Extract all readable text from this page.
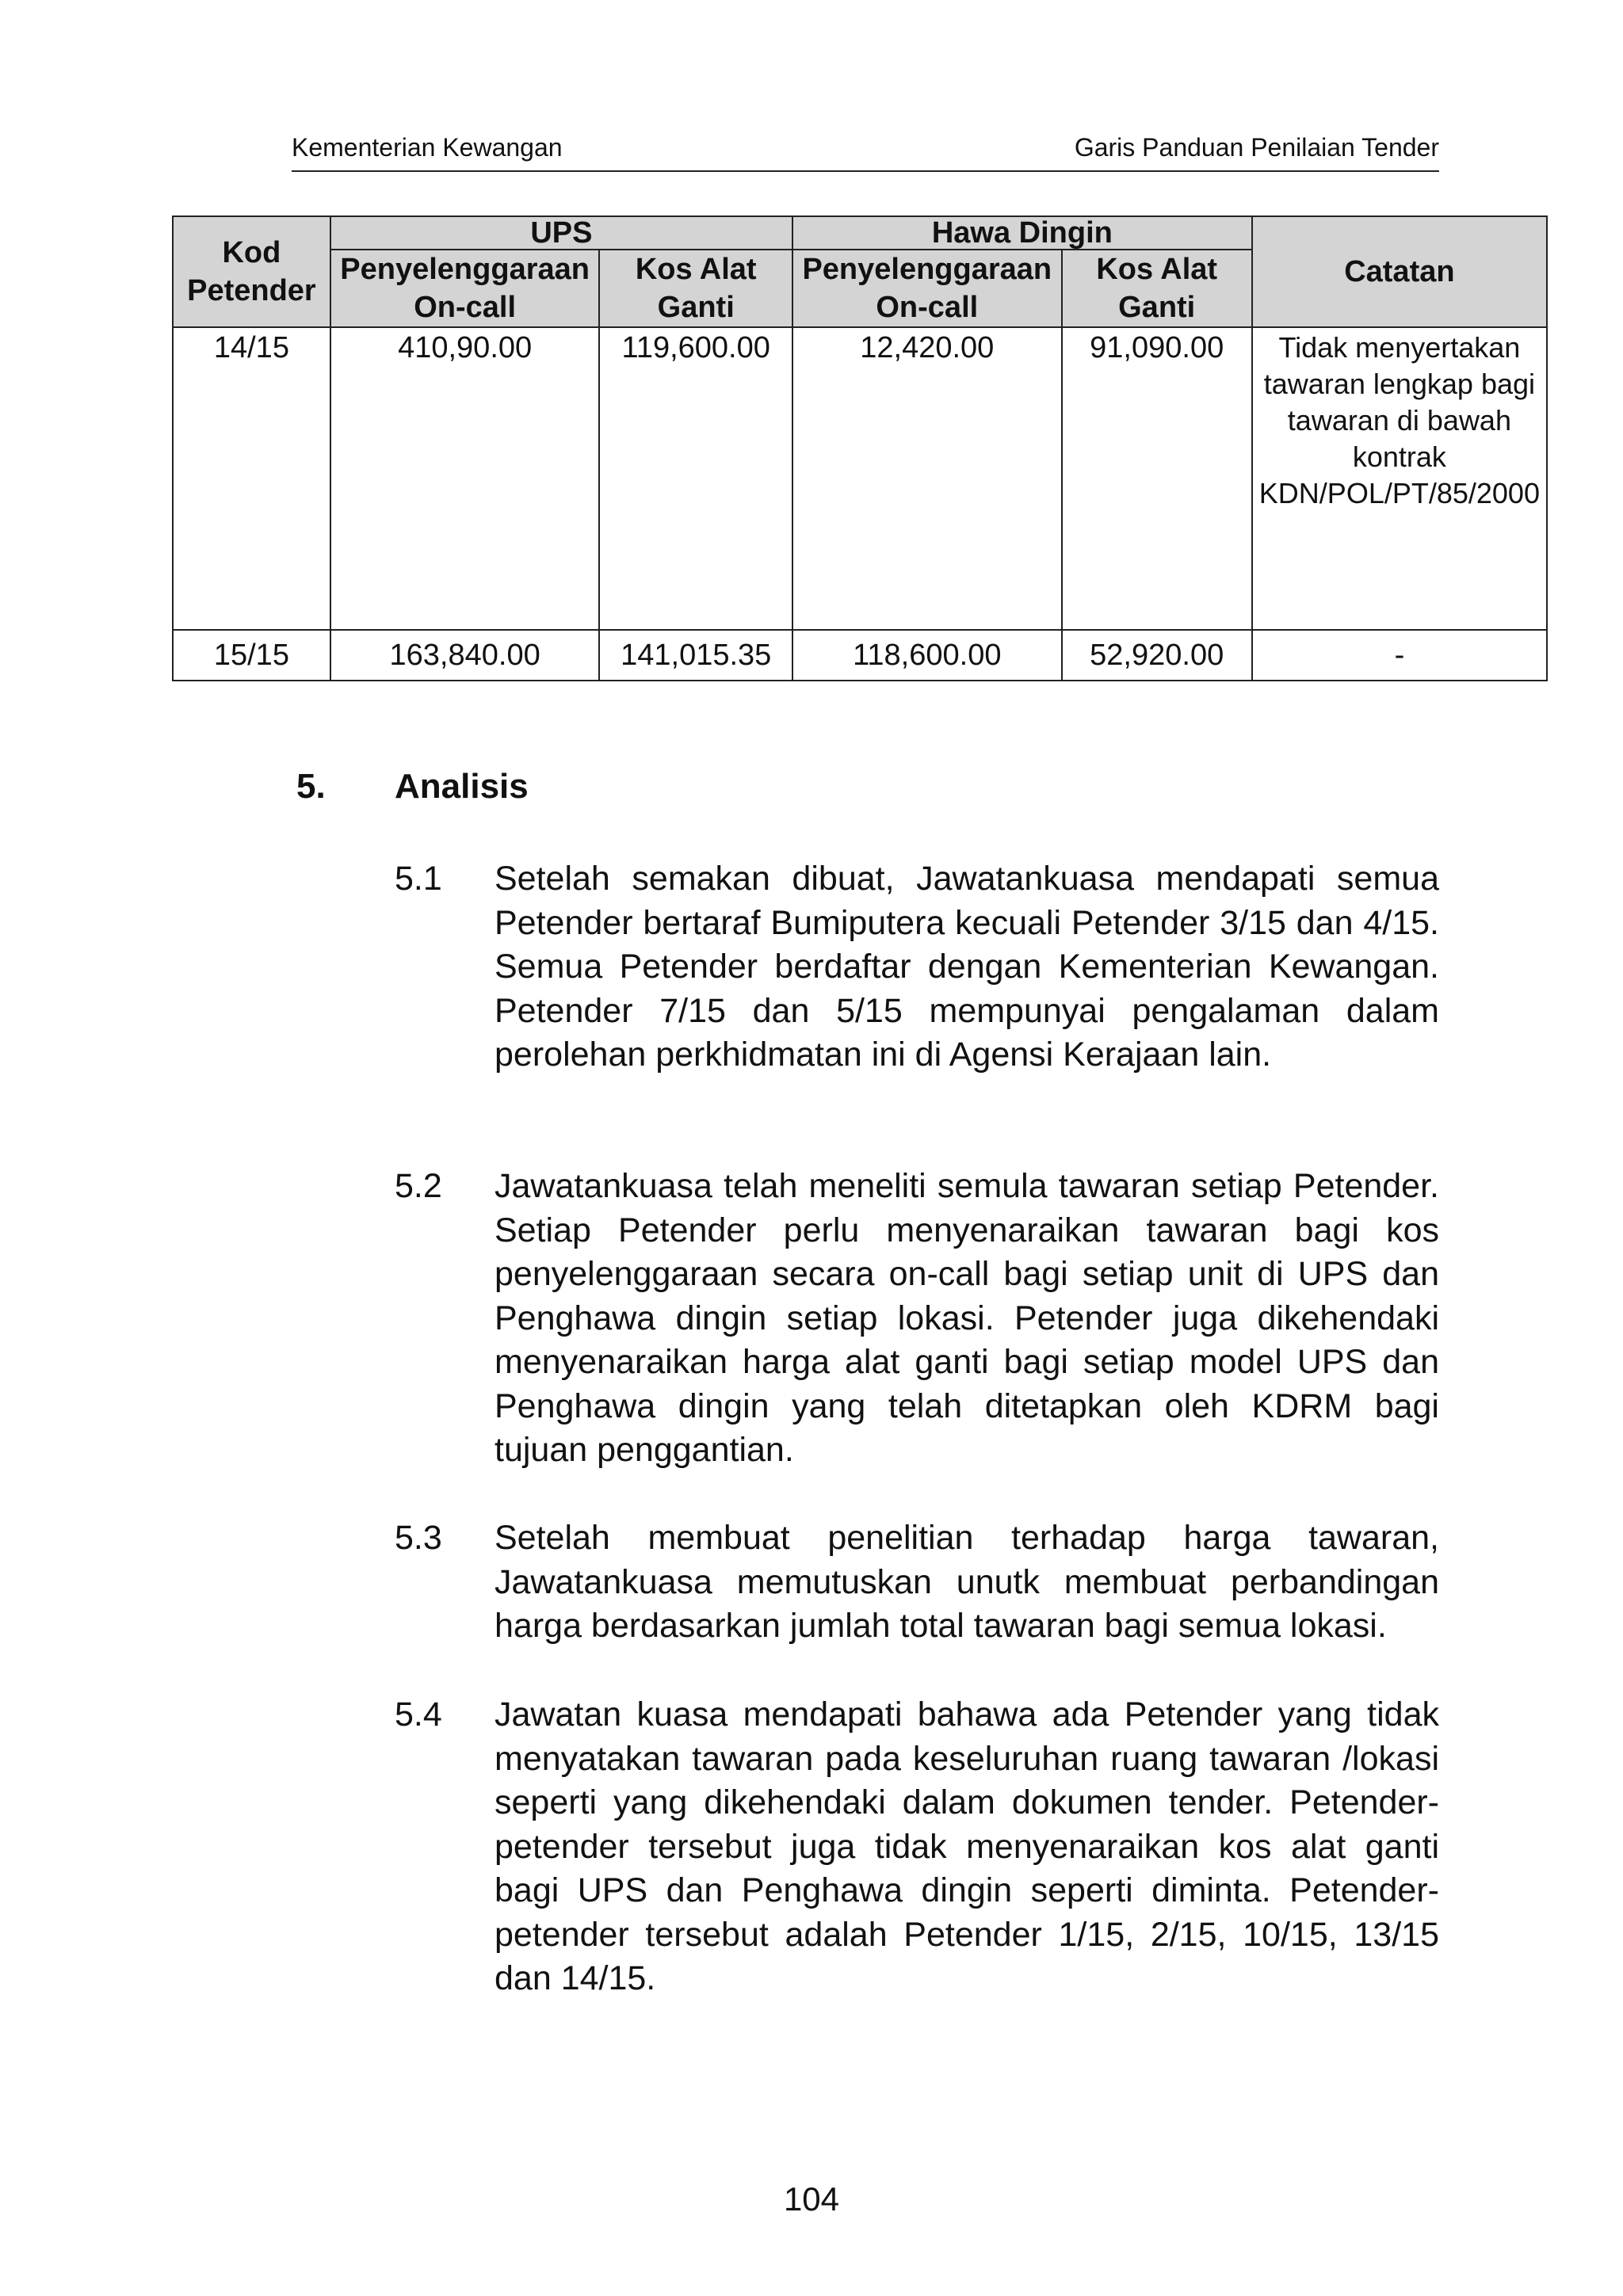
Kementerian Kewangan	Garis Panduan Penilaian Tender
Kod Petender	UPS		Hawa Dingin		Catatan
	Penyelenggaraan On-call	Kos Alat Ganti	Penyelenggaraan On-call	Kos Alat Ganti	
14/15	410,90.00	119,600.00	12,420.00	91,090.00	Tidak menyertakan tawaran lengkap bagi tawaran di bawah kontrak KDN/POL/PT/85/2000
15/15	163,840.00	141,015.35	118,600.00	52,920.00	-
5.	Analisis
5.1	Setelah semakan dibuat, Jawatankuasa mendapati semua Petender bertaraf Bumiputera kecuali Petender 3/15 dan 4/15. Semua Petender berdaftar dengan Kementerian Kewangan. Petender 7/15 dan 5/15 mempunyai pengalaman dalam perolehan perkhidmatan ini di Agensi Kerajaan lain.
5.2	Jawatankuasa telah meneliti semula tawaran setiap Petender. Setiap Petender perlu menyenaraikan tawaran bagi kos penyelenggaraan secara on-call bagi setiap unit di UPS dan Penghawa dingin setiap lokasi. Petender juga dikehendaki menyenaraikan harga alat ganti bagi setiap model UPS dan Penghawa dingin yang telah ditetapkan oleh KDRM bagi tujuan penggantian.
5.3	Setelah membuat penelitian terhadap harga tawaran, Jawatankuasa memutuskan unutk membuat perbandingan harga berdasarkan jumlah total tawaran bagi semua lokasi.
5.4	Jawatan kuasa mendapati bahawa ada Petender yang tidak menyatakan tawaran pada keseluruhan ruang tawaran /lokasi seperti yang dikehendaki dalam dokumen tender. Petender-petender tersebut juga tidak menyenaraikan kos alat ganti bagi UPS dan Penghawa dingin seperti diminta. Petender-petender tersebut adalah Petender 1/15, 2/15, 10/15, 13/15 dan 14/15.
104
